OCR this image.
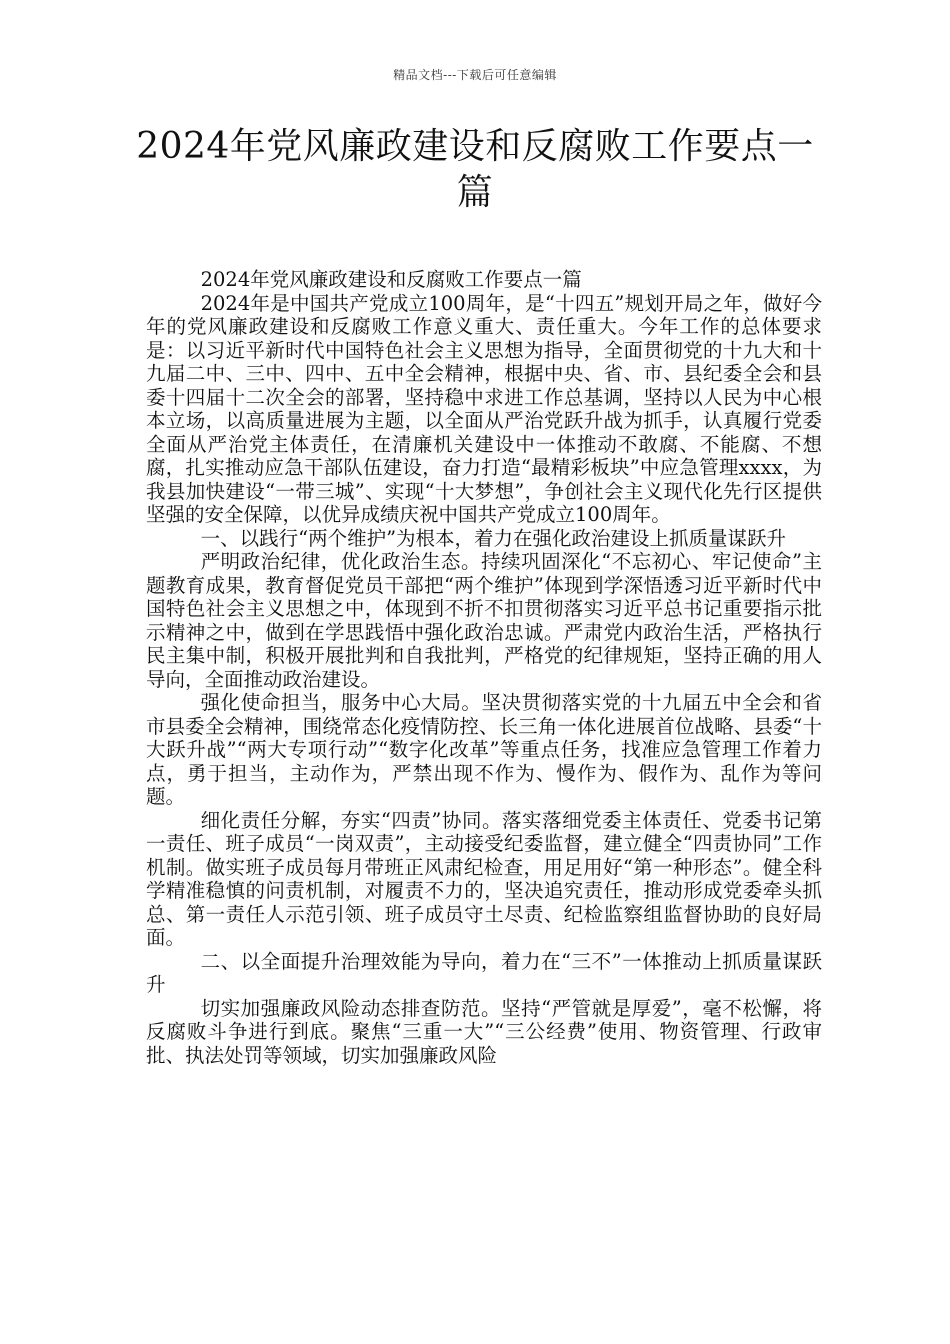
精品文档---下载后可任意编辑
2024年党风廉政建设和反腐败工作要点一篇

2024年党风廉政建设和反腐败工作要点一篇

2024年是中国共产党成立100周年，是“十四五”规划开局之年，做好今年的党风廉政建设和反腐败工作意义重大、责任重大。今年工作的总体要求是：以习近平新时代中国特色社会主义思想为指导，全面贯彻党的十九大和十九届二中、三中、四中、五中全会精神，根据中央、省、市、县纪委全会和县委十四届十二次全会的部署，坚持稳中求进工作总基调，坚持以人民为中心根本立场，以高质量进展为主题，以全面从严治党跃升战为抓手，认真履行党委全面从严治党主体责任，在清廉机关建设中一体推动不敢腐、不能腐、不想腐，扎实推动应急干部队伍建设，奋力打造“最精彩板块”中应急管理xxxx，为我县加快建设“一带三城”、实现“十大梦想”，争创社会主义现代化先行区提供坚强的安全保障，以优异成绩庆祝中国共产党成立100周年。

一、以践行“两个维护”为根本，着力在强化政治建设上抓质量谋跃升

严明政治纪律，优化政治生态。持续巩固深化“不忘初心、牢记使命”主题教育成果，教育督促党员干部把“两个维护”体现到学深悟透习近平新时代中国特色社会主义思想之中，体现到不折不扣贯彻落实习近平总书记重要指示批示精神之中，做到在学思践悟中强化政治忠诚。严肃党内政治生活，严格执行民主集中制，积极开展批判和自我批判，严格党的纪律规矩，坚持正确的用人导向，全面推动政治建设。

强化使命担当，服务中心大局。坚决贯彻落实党的十九届五中全会和省市县委全会精神，围绕常态化疫情防控、长三角一体化进展首位战略、县委“十大跃升战”“两大专项行动”“数字化改革”等重点任务，找准应急管理工作着力点，勇于担当，主动作为，严禁出现不作为、慢作为、假作为、乱作为等问题。

细化责任分解，夯实“四责”协同。落实落细党委主体责任、党委书记第一责任、班子成员“一岗双责”，主动接受纪委监督，建立健全“四责协同”工作机制。做实班子成员每月带班正风肃纪检查，用足用好“第一种形态”。健全科学精准稳慎的问责机制，对履责不力的，坚决追究责任，推动形成党委牵头抓总、第一责任人示范引领、班子成员守土尽责、纪检监察组监督协助的良好局面。

二、以全面提升治理效能为导向，着力在“三不”一体推动上抓质量谋跃升

切实加强廉政风险动态排查防范。坚持“严管就是厚爱”，毫不松懈，将反腐败斗争进行到底。聚焦“三重一大”“三公经费”使用、物资管理、行政审批、执法处罚等领域，切实加强廉政风险
